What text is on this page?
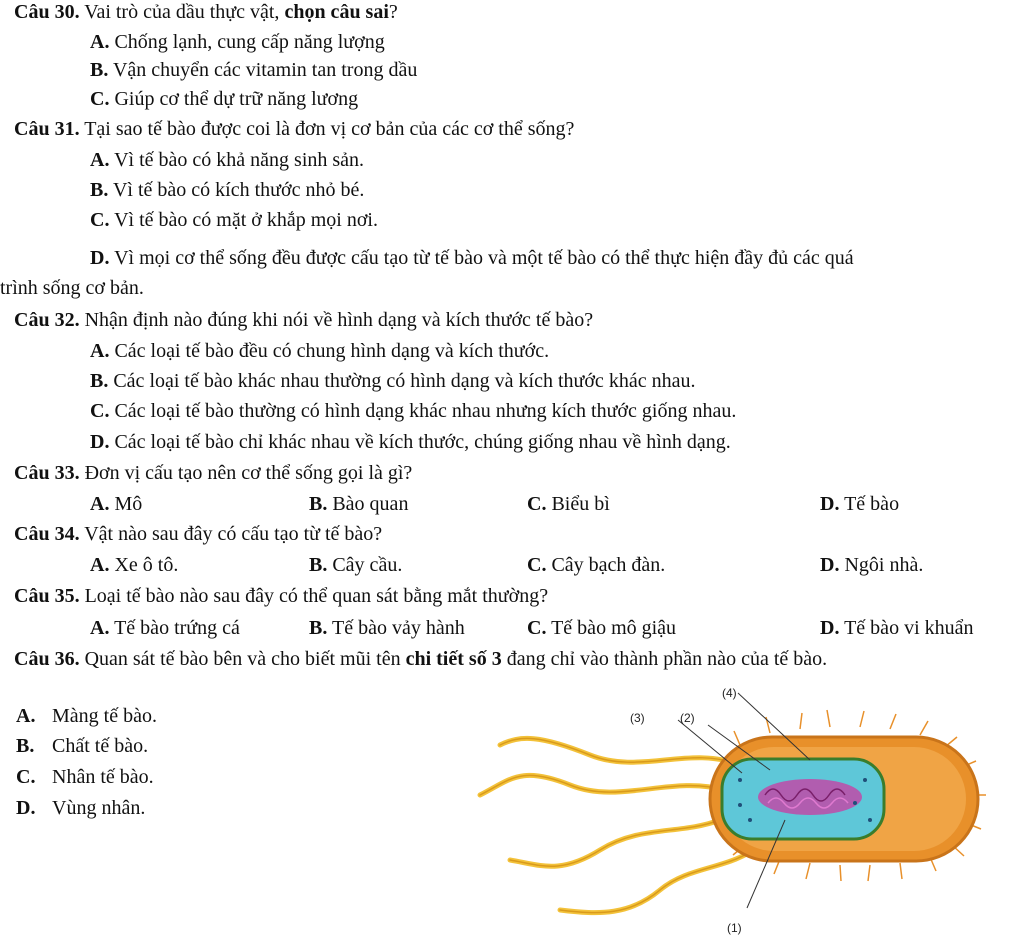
Câu 30. Vai trò của dầu thực vật, chọn câu sai?
A. Chống lạnh, cung cấp năng lượng
B. Vận chuyển các vitamin tan trong dầu
C. Giúp cơ thể dự trữ năng lương
Câu 31. Tại sao tế bào được coi là đơn vị cơ bản của các cơ thể sống?
A. Vì tế bào có khả năng sinh sản.
B. Vì tế bào có kích thước nhỏ bé.
C. Vì tế bào có mặt ở khắp mọi nơi.
D. Vì mọi cơ thể sống đều được cấu tạo từ tế bào và một tế bào có thể thực hiện đầy đủ các quá
trình sống cơ bản.
Câu 32. Nhận định nào đúng khi nói về hình dạng và kích thước tế bào?
A. Các loại tế bào đều có chung hình dạng và kích thước.
B. Các loại tế bào khác nhau thường có hình dạng và kích thước khác nhau.
C. Các loại tế bào thường có hình dạng khác nhau nhưng kích thước giống nhau.
D. Các loại tế bào chỉ khác nhau về kích thước, chúng giống nhau về hình dạng.
Câu 33. Đơn vị cấu tạo nên cơ thể sống gọi là gì?
A. Mô	B. Bào quan	C. Biểu bì	D. Tế bào
Câu 34. Vật nào sau đây có cấu tạo từ tế bào?
A. Xe ô tô.	B. Cây cầu.	C. Cây bạch đàn.	D. Ngôi nhà.
Câu 35. Loại tế bào nào sau đây có thể quan sát bằng mắt thường?
A. Tế bào trứng cá	B. Tế bào vảy hành	C. Tế bào mô giậu	D. Tế bào vi khuẩn
Câu 36. Quan sát tế bào bên và cho biết mũi tên chi tiết số 3 đang chỉ vào thành phần nào của tế bào.
A. Màng tế bào.
B. Chất tế bào.
C. Nhân tế bào.
D. Vùng nhân.
(4)
(3)	(2)
(1)
